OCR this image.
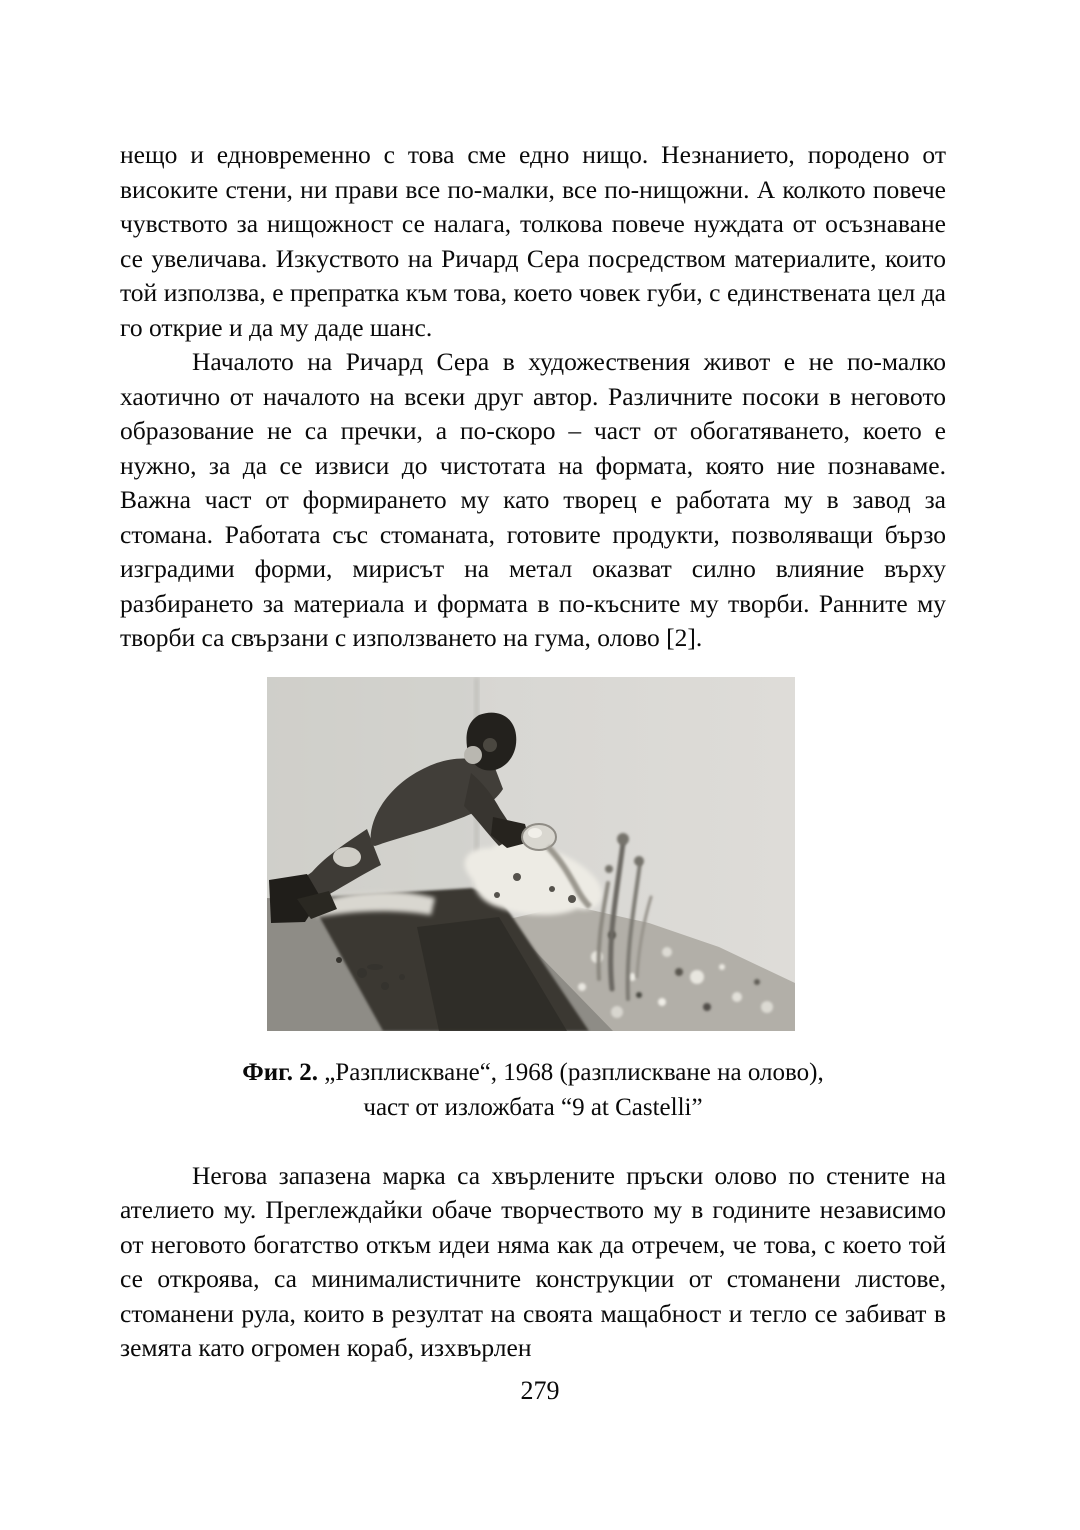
нещо и едновременно с това сме едно нищо. Незнанието, породено от високите стени, ни прави все по-малки, все по-нищожни. А колкото повече чувството за нищожност се налага, толкова повече нуждата от осъзнаване се увеличава. Изкуството на Ричард Сера посредством материалите, които той използва, е препратка към това, което човек губи, с единствената цел да го открие и да му даде шанс.

Началото на Ричард Сера в художествения живот е не по-малко хаотично от началото на всеки друг автор. Различните посоки в неговото образование не са пречки, а по-скоро – част от обогатяването, което е нужно, за да се извиси до чистотата на формата, която ние познаваме. Важна част от формирането му като творец е работата му в завод за стомана. Работата със стоманата, готовите продукти, позволяващи бързо изградими форми, мирисът на метал оказват силно влияние върху разбирането за материала и формата в по-късните му творби. Ранните му творби са свързани с използването на гума, олово [2].

Фиг. 2. „Разплискване“, 1968 (разплискване на олово),
част от изложбата “9 at Castelli”

Негова запазена марка са хвърлените пръски олово по стените на ателието му. Преглеждайки обаче творчеството му в годините независимо от неговото богатство откъм идеи няма как да отречем, че това, с което той се откроява, са минималистичните конструкции от стоманени листове, стоманени рула, които в резултат на своята мащабност и тегло се забиват в земята като огромен кораб, изхвърлен

279
